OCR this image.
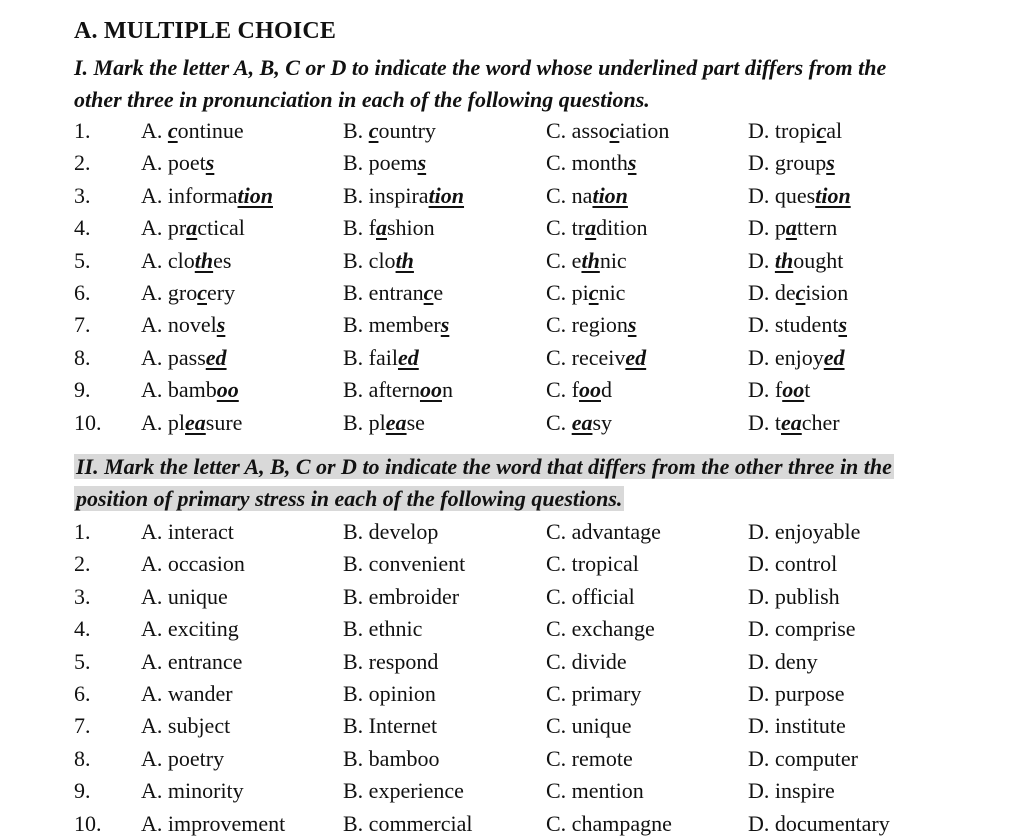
A. MULTIPLE CHOICE
I. Mark the letter A, B, C or D to indicate the word whose underlined part differs from the
other three in pronunciation in each of the following questions.
1. A. continue	B. country	C. association	D. tropical
2. A. poets	B. poems	C. months	D. groups
3. A. information	B. inspiration	C. nation	D. question
4. A. practical	B. fashion	C. tradition	D. pattern
5. A. clothes	B. cloth	C. ethnic	D. thought
6. A. grocery	B. entrance	C. picnic	D. decision
7. A. novels	B. members	C. regions	D. students
8. A. passed	B. failed	C. received	D. enjoyed
9. A. bamboo	B. afternoon	C. food	D. foot
10. A. pleasure	B. please	C. easy	D. teacher
II. Mark the letter A, B, C or D to indicate the word that differs from the other three in the
position of primary stress in each of the following questions.
1. A. interact	B. develop	C. advantage	D. enjoyable
2. A. occasion	B. convenient	C. tropical	D. control
3. A. unique	B. embroider	C. official	D. publish
4. A. exciting	B. ethnic	C. exchange	D. comprise
5. A. entrance	B. respond	C. divide	D. deny
6. A. wander	B. opinion	C. primary	D. purpose
7. A. subject	B. Internet	C. unique	D. institute
8. A. poetry	B. bamboo	C. remote	D. computer
9. A. minority	B. experience	C. mention	D. inspire
10. A. improvement	B. commercial	C. champagne	D. documentary
